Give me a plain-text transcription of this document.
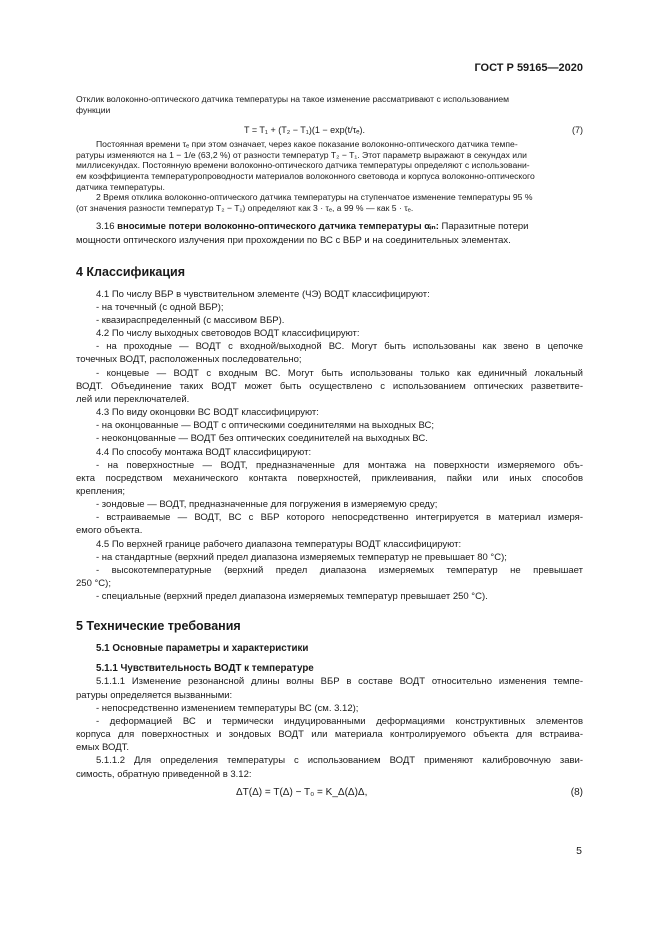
ГОСТ Р 59165—2020
Отклик волоконно-оптического датчика температуры на такое изменение рассматривают с использованием
функции
T = T₁ + (T₂ − T₁)(1 − exp(t/τₑ).	(7)
Постоянная времени τₑ при этом означает, через какое показание волоконно-оптического датчика темпе-
ратуры изменяются на 1 − 1/e (63,2 %) от разности температур T₂ − T₁. Этот параметр выражают в секундах или
миллисекундах. Постоянную времени волоконно-оптического датчика температуры определяют с использовани-
ем коэффициента температуропроводности материалов волоконного световода и корпуса волоконно-оптического
датчика температуры.
2 Время отклика волоконно-оптического датчика температуры на ступенчатое изменение температуры 95 %
(от значения разности температур T₂ − T₁) определяют как 3 · τₑ, а 99 % — как 5 · τₑ.
3.16 вносимые потери волоконно-оптического датчика температуры αᵢₙ: Паразитные потери
мощности оптического излучения при прохождении по ВС с ВБР и на соединительных элементах.
4 Классификация
4.1 По числу ВБР в чувствительном элементе (ЧЭ) ВОДТ классифицируют:
- на точечный (с одной ВБР);
- квазираспределенный (с массивом ВБР).
4.2 По числу выходных световодов ВОДТ классифицируют:
- на проходные — ВОДТ с входной/выходной ВС. Могут быть использованы как звено в цепочке
точечных ВОДТ, расположенных последовательно;
- концевые — ВОДТ с входным ВС. Могут быть использованы только как единичный локальный
ВОДТ. Объединение таких ВОДТ может быть осуществлено с использованием оптических разветвите-
лей или переключателей.
4.3 По виду оконцовки ВС ВОДТ классифицируют:
- на оконцованные — ВОДТ с оптическими соединителями на выходных ВС;
- неоконцованные — ВОДТ без оптических соединителей на выходных ВС.
4.4 По способу монтажа ВОДТ классифицируют:
- на поверхностные — ВОДТ, предназначенные для монтажа на поверхности измеряемого объ-
екта посредством механического контакта поверхностей, приклеивания, пайки или иных способов
крепления;
- зондовые — ВОДТ, предназначенные для погружения в измеряемую среду;
- встраиваемые — ВОДТ, ВС с ВБР которого непосредственно интегрируется в материал измеря-
емого объекта.
4.5 По верхней границе рабочего диапазона температуры ВОДТ классифицируют:
- на стандартные (верхний предел диапазона измеряемых температур не превышает 80 °C);
- высокотемпературные (верхний предел диапазона измеряемых температур не превышает
250 °C);
- специальные (верхний предел диапазона измеряемых температур превышает 250 °C).
5 Технические требования
5.1 Основные параметры и характеристики
5.1.1 Чувствительность ВОДТ к температуре
5.1.1.1 Изменение резонансной длины волны ВБР в составе ВОДТ относительно изменения темпе-
ратуры определяется вызванными:
- непосредственно изменением температуры ВС (см. 3.12);
- деформацией ВС и термически индуцированными деформациями конструктивных элементов
корпуса для поверхностных и зондовых ВОДТ или материала контролируемого объекта для встраива-
емых ВОДТ.
5.1.1.2 Для определения температуры с использованием ВОДТ применяют калибровочную зави-
симость, обратную приведенной в 3.12:
ΔT(Δ) = T(Δ) − T₀ = K_Δ(Δ)Δ,	(8)
5
